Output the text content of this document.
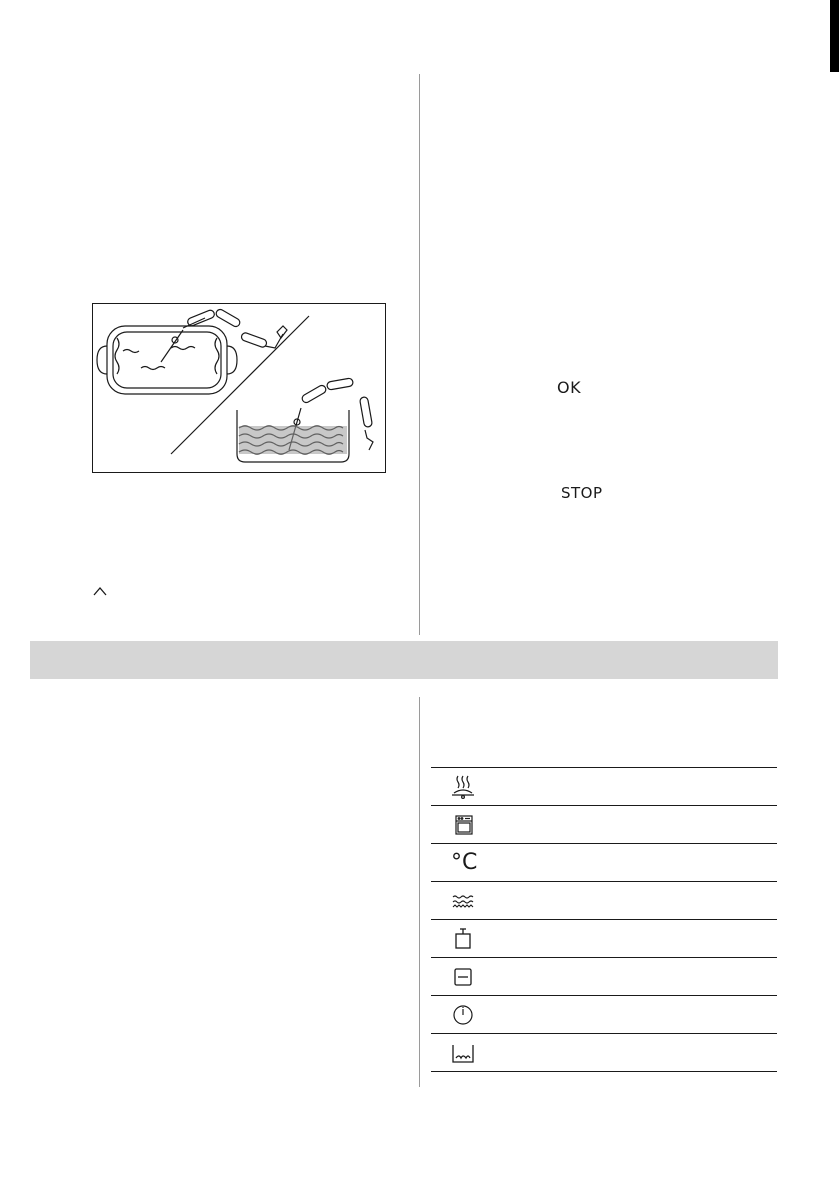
OK
STOP
°C
